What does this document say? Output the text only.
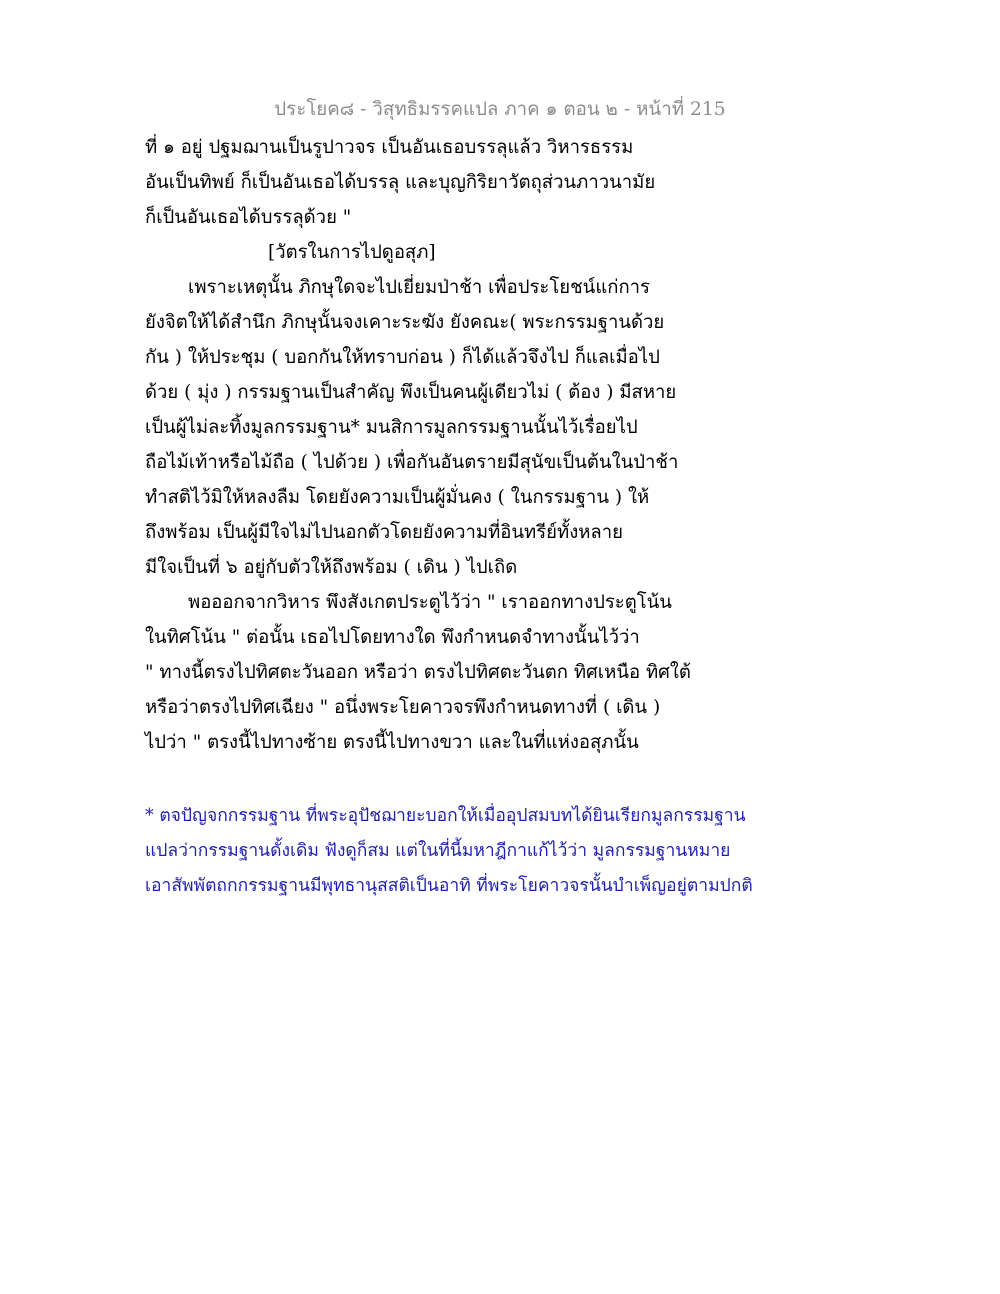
ประโยค๘ - วิสุทธิมรรคแปล ภาค ๑ ตอน ๒ - หน้าที่ 215
ที่ ๑ อยู่ ปฐมฌานเป็นรูปาวจร เป็นอันเธอบรรลุแล้ว วิหารธรรม
อันเป็นทิพย์ ก็เป็นอันเธอได้บรรลุ และบุญกิริยาวัตถุส่วนภาวนามัย
ก็เป็นอันเธอได้บรรลุด้วย "
[วัตรในการไปดูอสุภ]
เพราะเหตุนั้น ภิกษุใดจะไปเยี่ยมป่าช้า เพื่อประโยชน์แก่การ
ยังจิตให้ได้สำนึก ภิกษุนั้นจงเคาะระฆัง ยังคณะ( พระกรรมฐานด้วย
กัน ) ให้ประชุม ( บอกกันให้ทราบก่อน ) ก็ได้แล้วจึงไป ก็แลเมื่อไป
ด้วย ( มุ่ง ) กรรมฐานเป็นสำคัญ พึงเป็นคนผู้เดียวไม่ ( ต้อง ) มีสหาย
เป็นผู้ไม่ละทิ้งมูลกรรมฐาน* มนสิการมูลกรรมฐานนั้นไว้เรื่อยไป
ถือไม้เท้าหรือไม้ถือ ( ไปด้วย ) เพื่อกันอันตรายมีสุนัขเป็นต้นในป่าช้า
ทำสติไว้มิให้หลงลืม โดยยังความเป็นผู้มั่นคง ( ในกรรมฐาน ) ให้
ถึงพร้อม เป็นผู้มีใจไม่ไปนอกตัวโดยยังความที่อินทรีย์ทั้งหลาย
มีใจเป็นที่ ๖ อยู่กับตัวให้ถึงพร้อม ( เดิน ) ไปเถิด
พอออกจากวิหาร พึงสังเกตประตูไว้ว่า " เราออกทางประตูโน้น
ในทิศโน้น " ต่อนั้น เธอไปโดยทางใด พึงกำหนดจำทางนั้นไว้ว่า
" ทางนี้ตรงไปทิศตะวันออก หรือว่า ตรงไปทิศตะวันตก ทิศเหนือ ทิศใต้
หรือว่าตรงไปทิศเฉียง " อนึ่งพระโยคาวจรพึงกำหนดทางที่ ( เดิน )
ไปว่า " ตรงนี้ไปทางซ้าย ตรงนี้ไปทางขวา และในที่แห่งอสุภนั้น
* ตจปัญจกกรรมฐาน ที่พระอุปัชฌายะบอกให้เมื่ออุปสมบทได้ยินเรียกมูลกรรมฐาน
แปลว่ากรรมฐานดั้งเดิม ฟังดูก็สม แต่ในที่นี้มหาฎีกาแก้ไว้ว่า มูลกรรมฐานหมาย
เอาสัพพัตถกกรรมฐานมีพุทธานุสสติเป็นอาทิ ที่พระโยคาวจรนั้นบำเพ็ญอยู่ตามปกติ
